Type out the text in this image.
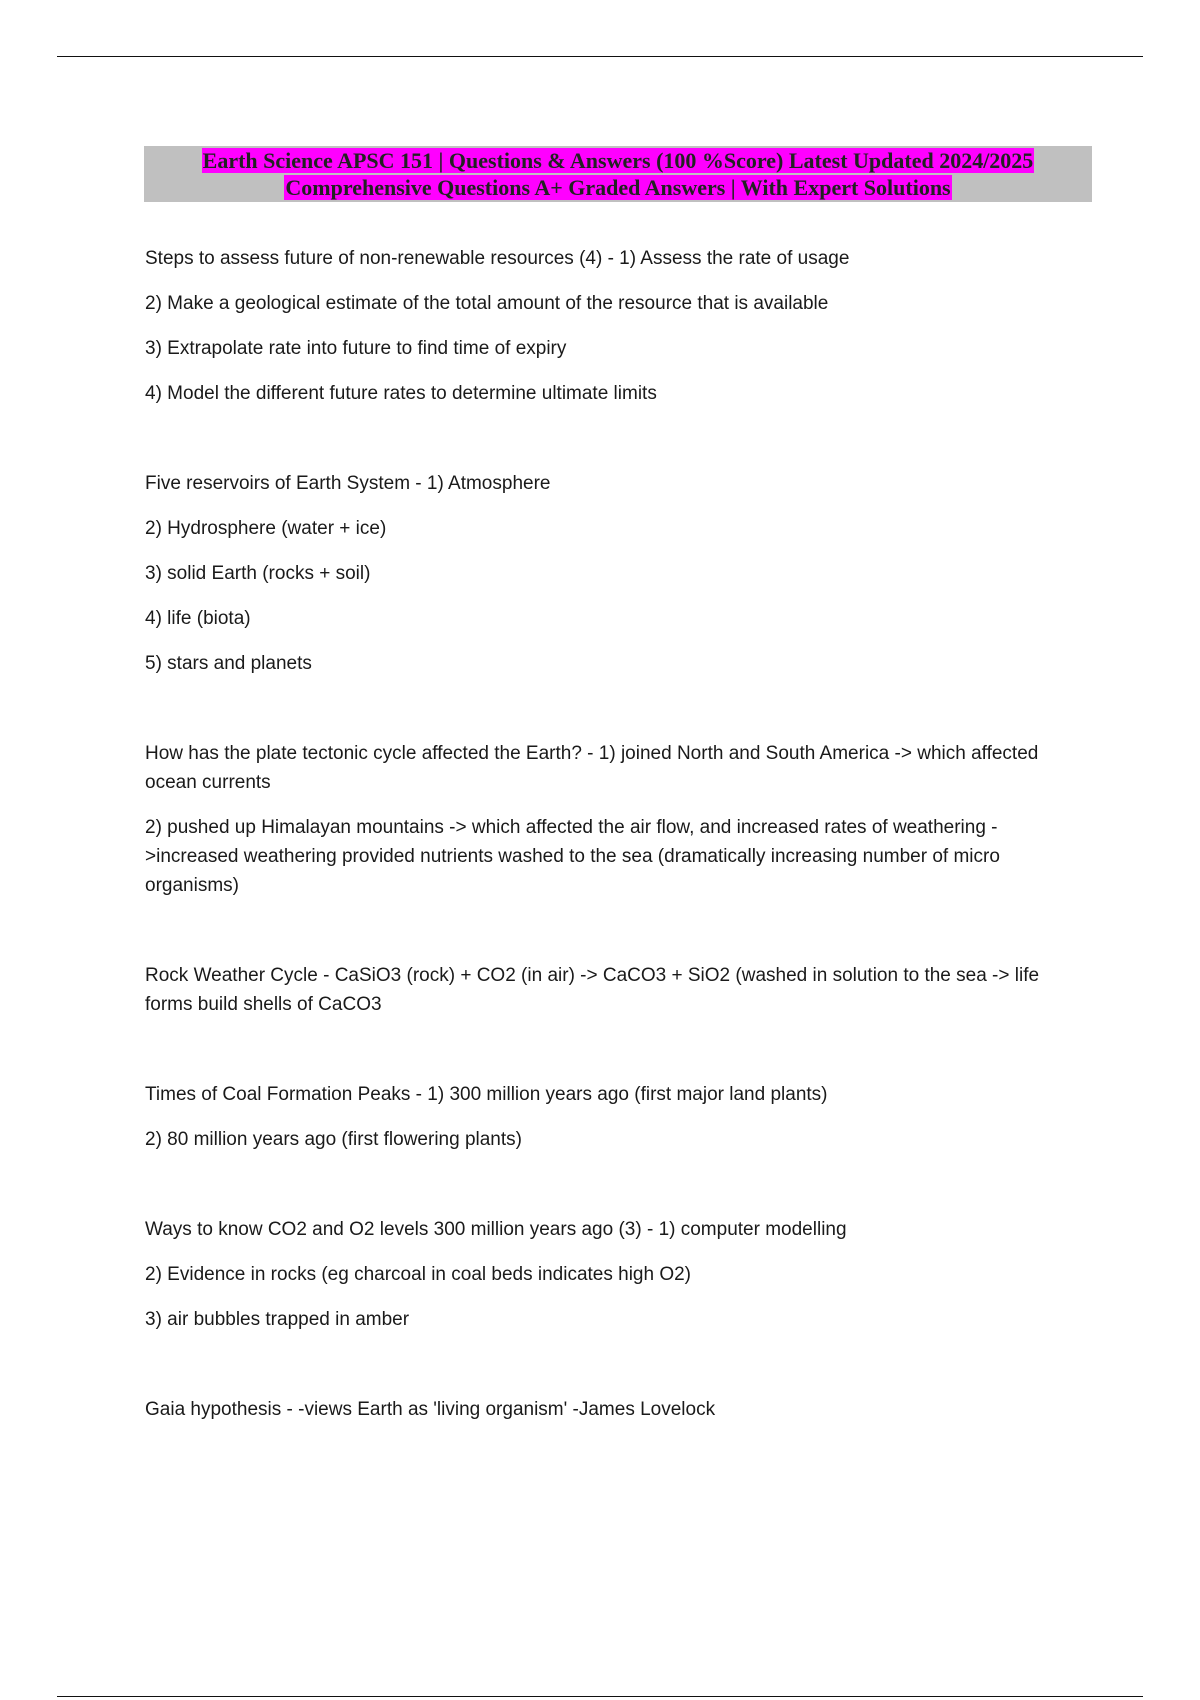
Earth Science APSC 151 | Questions & Answers (100 %Score) Latest Updated 2024/2025
Comprehensive Questions A+ Graded Answers | With Expert Solutions
Steps to assess future of non-renewable resources (4) - 1) Assess the rate of usage
2) Make a geological estimate of the total amount of the resource that is available
3) Extrapolate rate into future to find time of expiry
4) Model the different future rates to determine ultimate limits
Five reservoirs of Earth System - 1) Atmosphere
2) Hydrosphere (water + ice)
3) solid Earth (rocks + soil)
4) life (biota)
5) stars and planets
How has the plate tectonic cycle affected the Earth? - 1) joined North and South America -> which affected ocean currents
2) pushed up Himalayan mountains -> which affected the air flow, and increased rates of weathering - >increased weathering provided nutrients washed to the sea (dramatically increasing number of micro organisms)
Rock Weather Cycle - CaSiO3 (rock) + CO2 (in air) -> CaCO3 + SiO2 (washed in solution to the sea -> life forms build shells of CaCO3
Times of Coal Formation Peaks - 1) 300 million years ago (first major land plants)
2) 80 million years ago (first flowering plants)
Ways to know CO2 and O2 levels 300 million years ago (3) - 1) computer modelling
2) Evidence in rocks (eg charcoal in coal beds indicates high O2)
3) air bubbles trapped in amber
Gaia hypothesis - -views Earth as 'living organism' -James Lovelock
